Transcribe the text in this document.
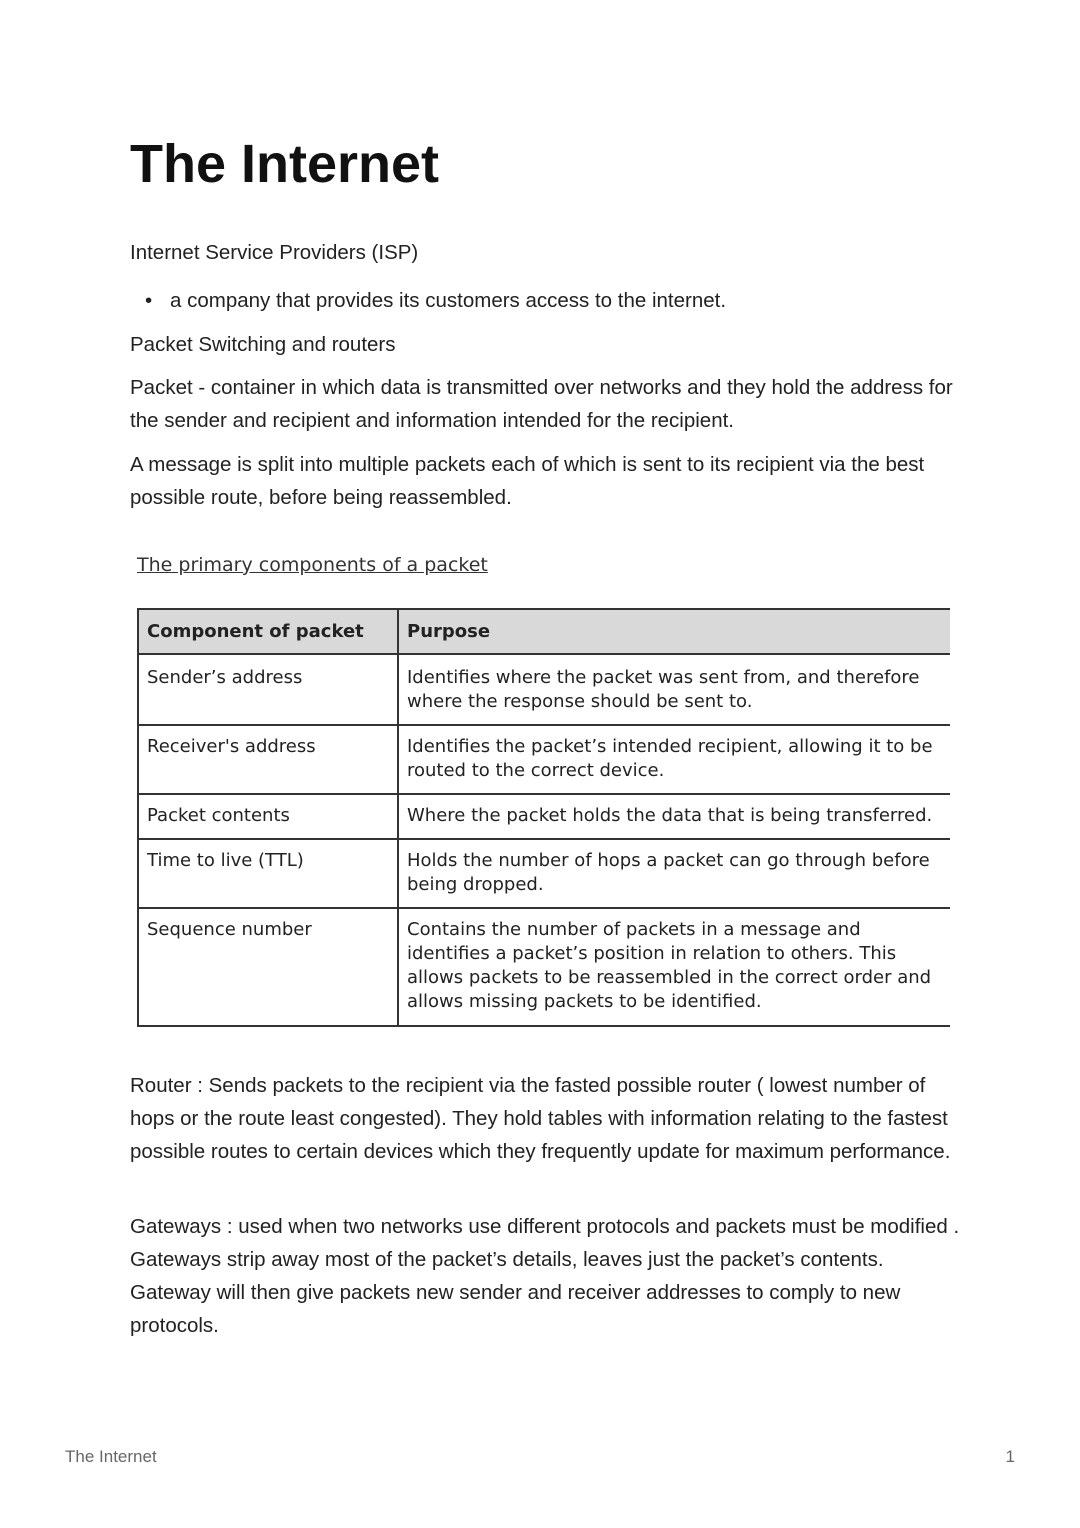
The Internet

Internet Service Providers (ISP)

• a company that provides its customers access to the internet.

Packet Switching and routers

Packet - container in which data is transmitted over networks and they hold the address for the sender and recipient and information intended for the recipient.

A message is split into multiple packets each of which is sent to its recipient via the best possible route, before being reassembled.

The primary components of a packet

Component of packet	Purpose
Sender’s address	Identifies where the packet was sent from, and therefore where the response should be sent to.
Receiver's address	Identifies the packet’s intended recipient, allowing it to be routed to the correct device.
Packet contents	Where the packet holds the data that is being transferred.
Time to live (TTL)	Holds the number of hops a packet can go through before being dropped.
Sequence number	Contains the number of packets in a message and identifies a packet’s position in relation to others. This allows packets to be reassembled in the correct order and allows missing packets to be identified.

Router : Sends packets to the recipient via the fasted possible router ( lowest number of hops or the route least congested). They hold tables with information relating to the fastest possible routes to certain devices which they frequently update for maximum performance.

Gateways : used when two networks use different protocols and packets must be modified . Gateways strip away most of the packet’s details, leaves just the packet’s contents. Gateway will then give packets new sender and receiver addresses to comply to new protocols.

The Internet	1
